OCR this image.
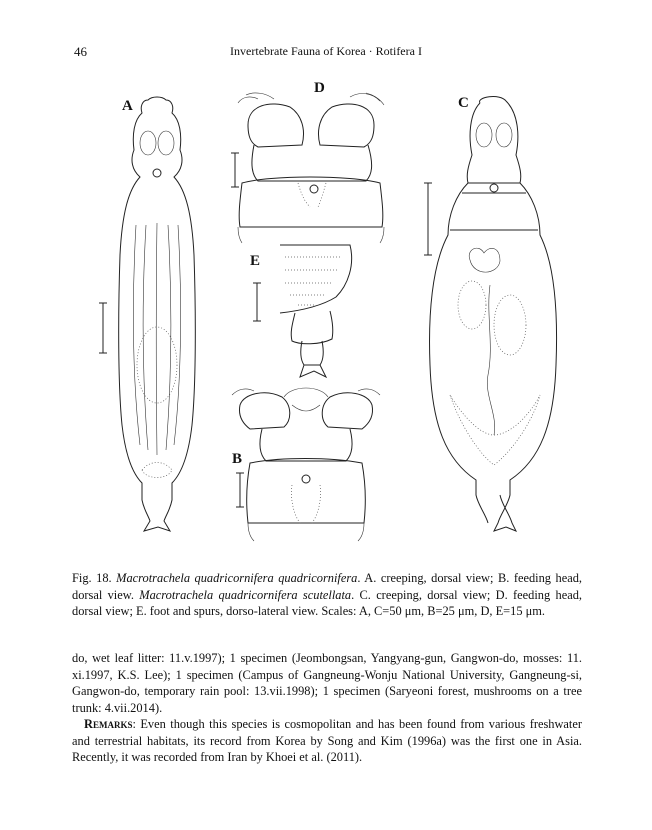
46	Invertebrate Fauna of Korea · Rotifera I
A
D
E
C
B
Fig. 18. Macrotrachela quadricornifera quadricornifera. A. creeping, dorsal view; B. feeding head, dorsal view. Macrotrachela quadricornifera scutellata. C. creeping, dorsal view; D. feeding head, dorsal view; E. foot and spurs, dorso-lateral view. Scales: A, C=50 μm, B=25 μm, D, E=15 μm.

do, wet leaf litter: 11.v.1997); 1 specimen (Jeombongsan, Yangyang-gun, Gangwon-do, mosses: 11. xi.1997, K.S. Lee); 1 specimen (Campus of Gangneung-Wonju National University, Gangneung-si, Gangwon-do, temporary rain pool: 13.vii.1998); 1 specimen (Saryeoni forest, mushrooms on a tree trunk: 4.vii.2014).

Remarks: Even though this species is cosmopolitan and has been found from various freshwater and terrestrial habitats, its record from Korea by Song and Kim (1996a) was the first one in Asia. Recently, it was recorded from Iran by Khoei et al. (2011).
